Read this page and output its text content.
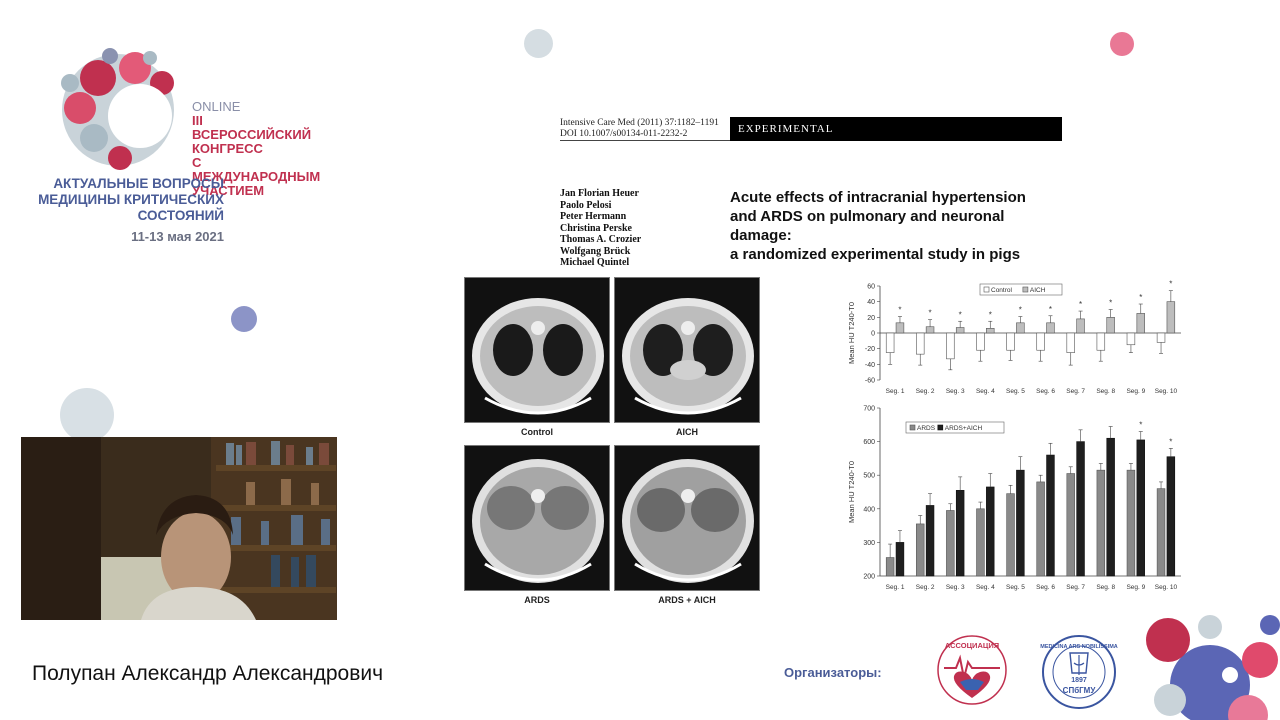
ONLINE
III ВСЕРОССИЙСКИЙ
КОНГРЕСС
С МЕЖДУНАРОДНЫМ
УЧАСТИЕМ
АКТУАЛЬНЫЕ ВОПРОСЫ
МЕДИЦИНЫ КРИТИЧЕСКИХ
СОСТОЯНИЙ
11-13 мая 2021
Полупан Александр Александрович
Intensive Care Med (2011) 37:1182–1191
DOI 10.1007/s00134-011-2232-2	EXPERIMENTAL
Jan Florian Heuer
Paolo Pelosi
Peter Hermann
Christina Perske
Thomas A. Crozier
Wolfgang Brück
Michael Quintel
Acute effects of intracranial hypertension
and ARDS on pulmonary and neuronal damage:
a randomized experimental study in pigs
Control	AICH
ARDS	ARDS + AICH
60
40
20
0
-20
-40
-60
Mean HU T240-T0	*
Seg. 1
*
Seg. 2
*
Seg. 3
*
Seg. 4
*
Seg. 5
*
Seg. 6
*
Seg. 7
*
Seg. 8
*
Seg. 9
*
Seg. 10
Control	AICH
700
600
500
400
300
200
Mean HU T240-T0
Seg. 1 Seg. 2 Seg. 3 Seg. 4 Seg. 5 Seg. 6 Seg. 7 Seg. 8
*
Seg. 9
*
Seg. 10
ARDS ARDS+AICH
Организаторы:
АССОЦИАЦИЯ	MEDICINA ARS NOBILISSIMA
1897
СПбГМУ
